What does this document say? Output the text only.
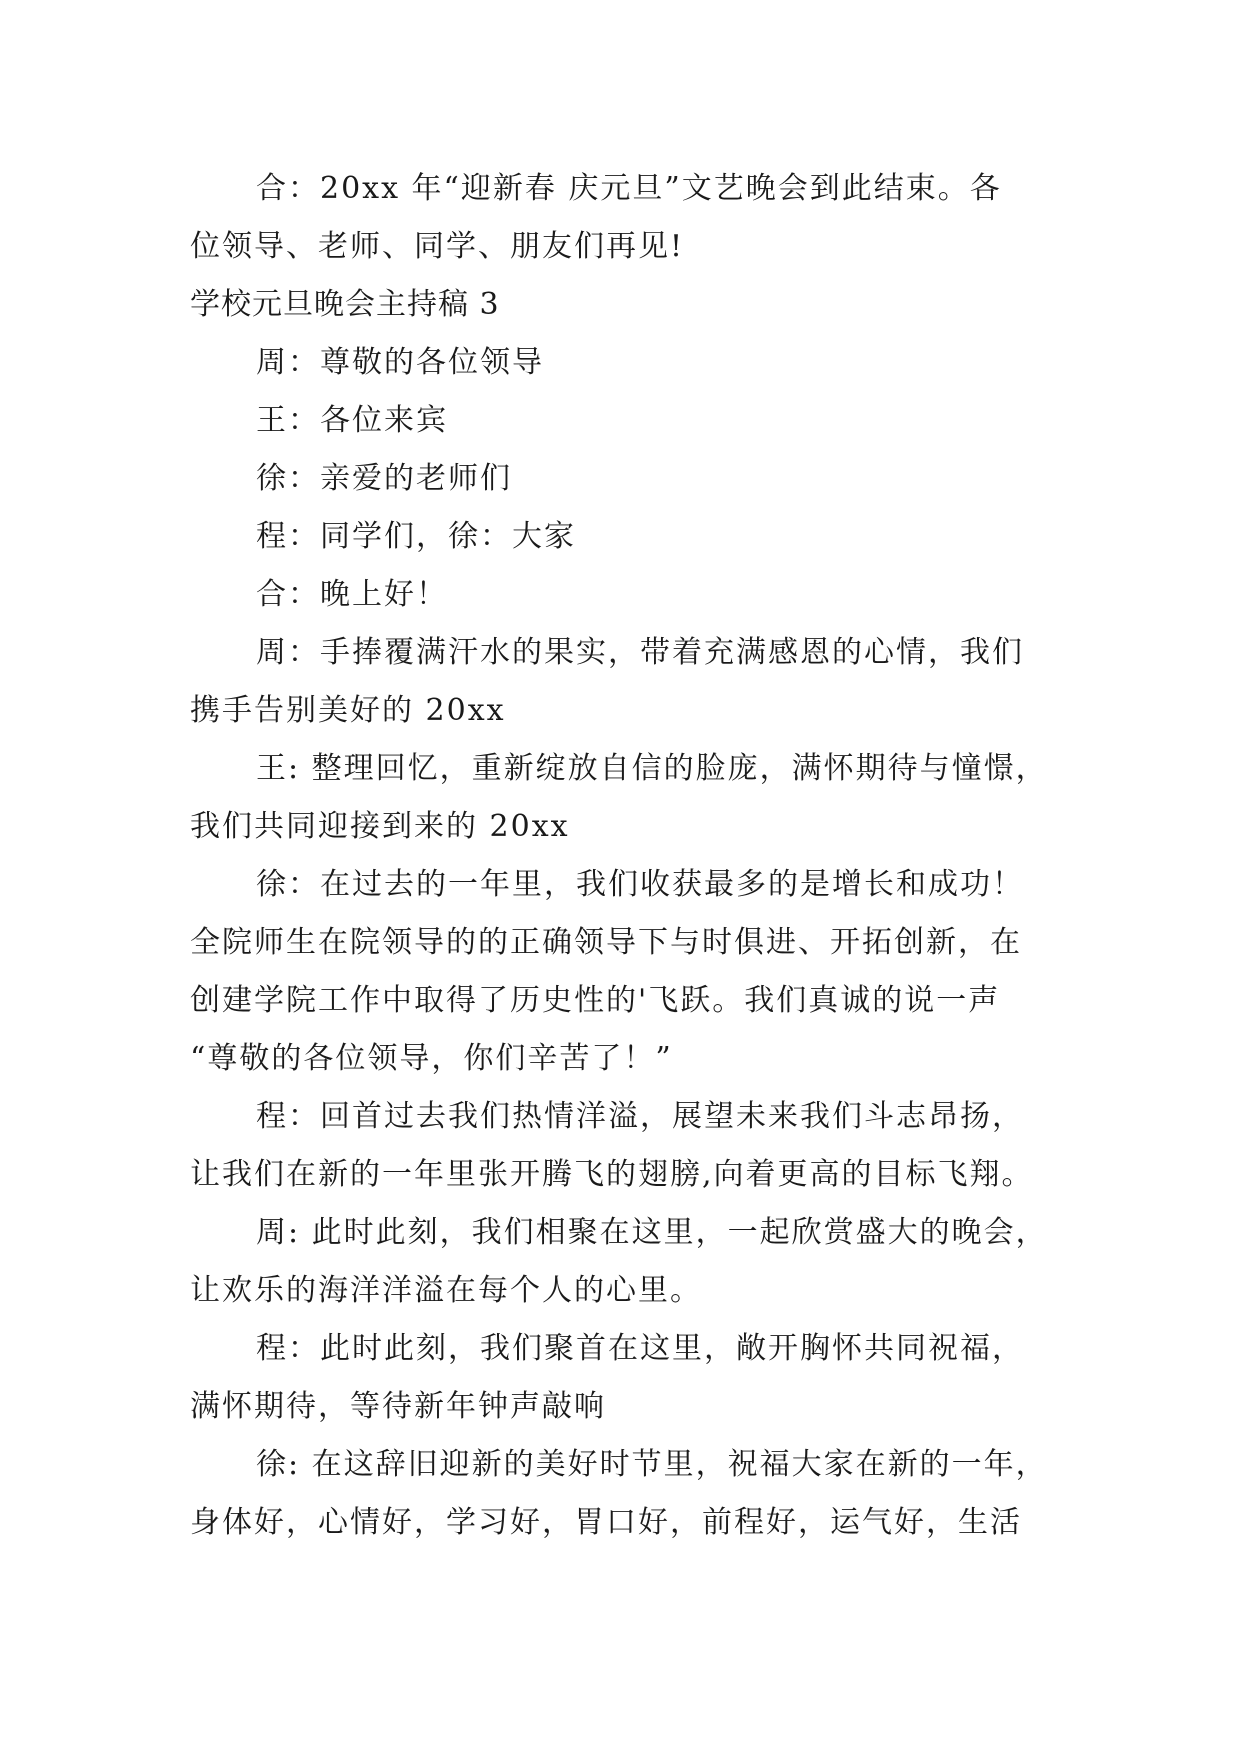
合：20xx 年“迎新春 庆元旦”文艺晚会到此结束。各
位领导、老师、同学、朋友们再见!
学校元旦晚会主持稿 3
周：尊敬的各位领导
王：各位来宾
徐：亲爱的老师们
程：同学们，徐：大家
合：晚上好！
周：手捧覆满汗水的果实，带着充满感恩的心情，我们
携手告别美好的 20xx
王: 整理回忆，重新绽放自信的脸庞，满怀期待与憧憬，
我们共同迎接到来的 20xx
徐：在过去的一年里，我们收获最多的是增长和成功！
全院师生在院领导的的正确领导下与时俱进、开拓创新，在
创建学院工作中取得了历史性的'飞跃。我们真诚的说一声
“尊敬的各位领导，你们辛苦了！”
程：回首过去我们热情洋溢，展望未来我们斗志昂扬，
让我们在新的一年里张开腾飞的翅膀,向着更高的目标飞翔。
周: 此时此刻，我们相聚在这里，一起欣赏盛大的晚会，
让欢乐的海洋洋溢在每个人的心里。
程：此时此刻，我们聚首在这里，敞开胸怀共同祝福，
满怀期待，等待新年钟声敲响
徐: 在这辞旧迎新的美好时节里，祝福大家在新的一年，
身体好，心情好，学习好，胃口好，前程好，运气好，生活
